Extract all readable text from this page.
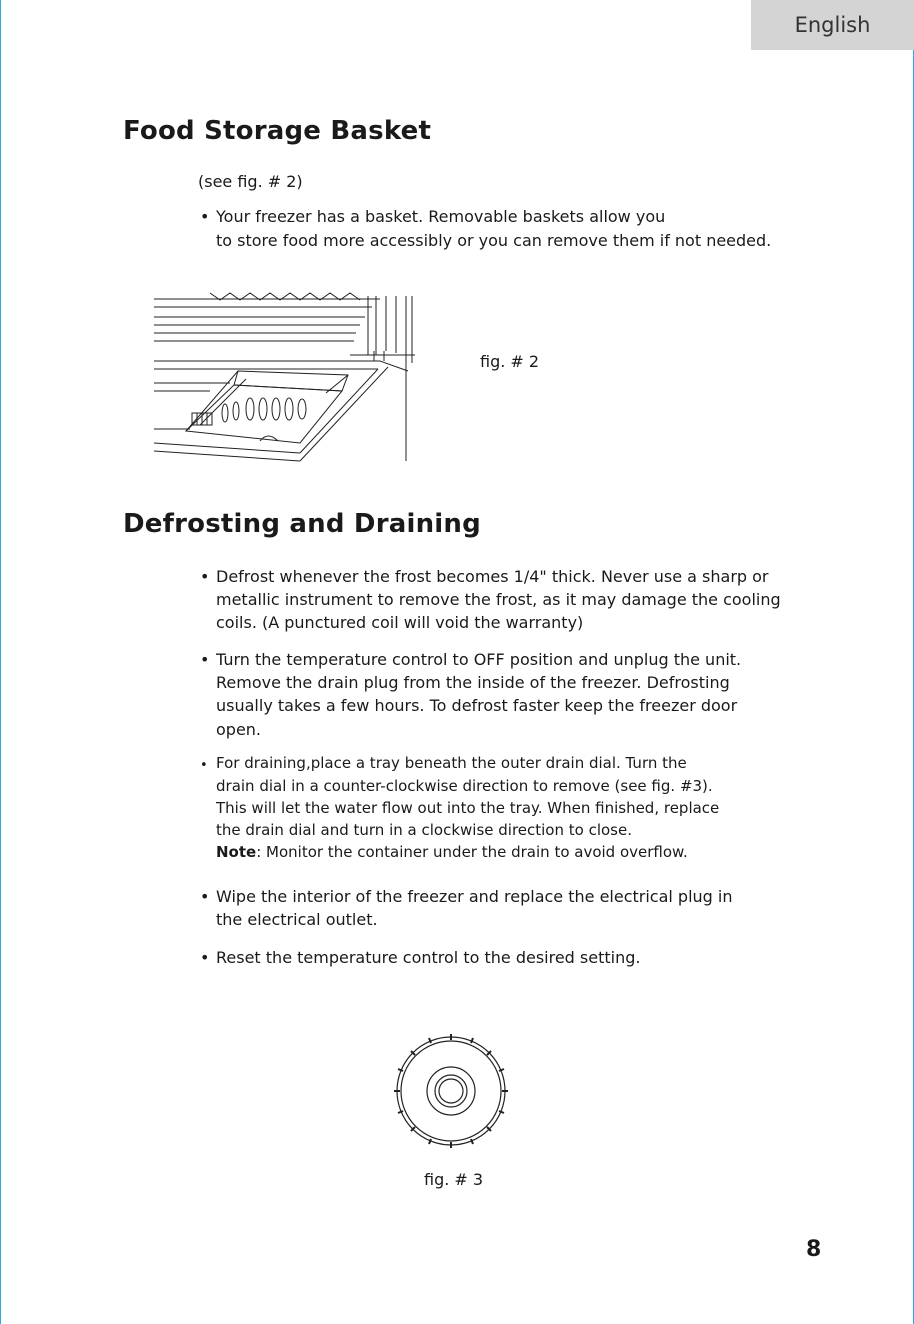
English
Food Storage Basket

(see fig. # 2)

• Your freezer has a basket. Removable baskets allow you

to store food more accessibly or you can remove them if not needed.

fig. # 2
Defrosting and Draining
• Defrost whenever the frost becomes 1/4" thick. Never use a sharp or

metallic instrument to remove the frost, as it may damage the cooling

coils. (A punctured coil will void the warranty)

• Turn the temperature control to OFF position and unplug the unit.

Remove the drain plug from the inside of the freezer. Defrosting

usually takes a few hours. To defrost faster keep the freezer door

open.

• For draining,place a tray beneath the outer drain dial. Turn the

drain dial in a counter-clockwise direction to remove (see fig. #3).

This will let the water flow out into the tray. When finished, replace

the drain dial and turn in a clockwise direction to close.

Note: Monitor the container under the drain to avoid overflow.

• Wipe the interior of the freezer and replace the electrical plug in

the electrical outlet.

• Reset the temperature control to the desired setting.

fig. # 3
8
